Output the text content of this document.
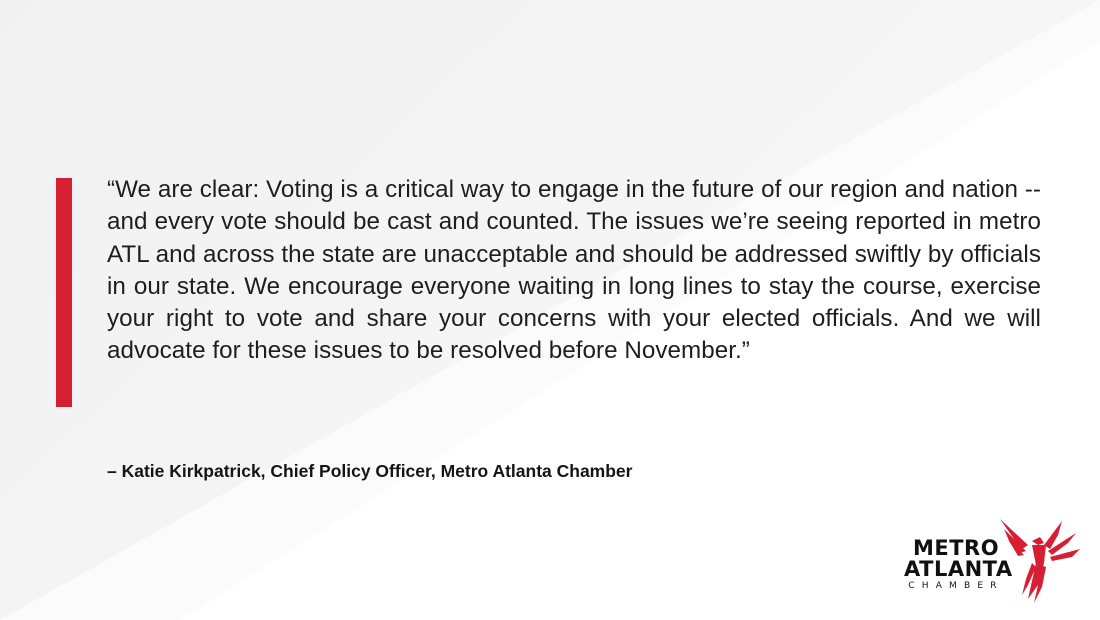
“We are clear: Voting is a critical way to engage in the future of our region and nation -- and every vote should be cast and counted. The issues we’re seeing reported in metro ATL and across the state are unacceptable and should be addressed swiftly by officials in our state. We encourage everyone waiting in long lines to stay the course, exercise your right to vote and share your concerns with your elected officials. And we will advocate for these issues to be resolved before November.”

– Katie Kirkpatrick, Chief Policy Officer, Metro Atlanta Chamber

METRO
ATLANTA
CHAMBER
